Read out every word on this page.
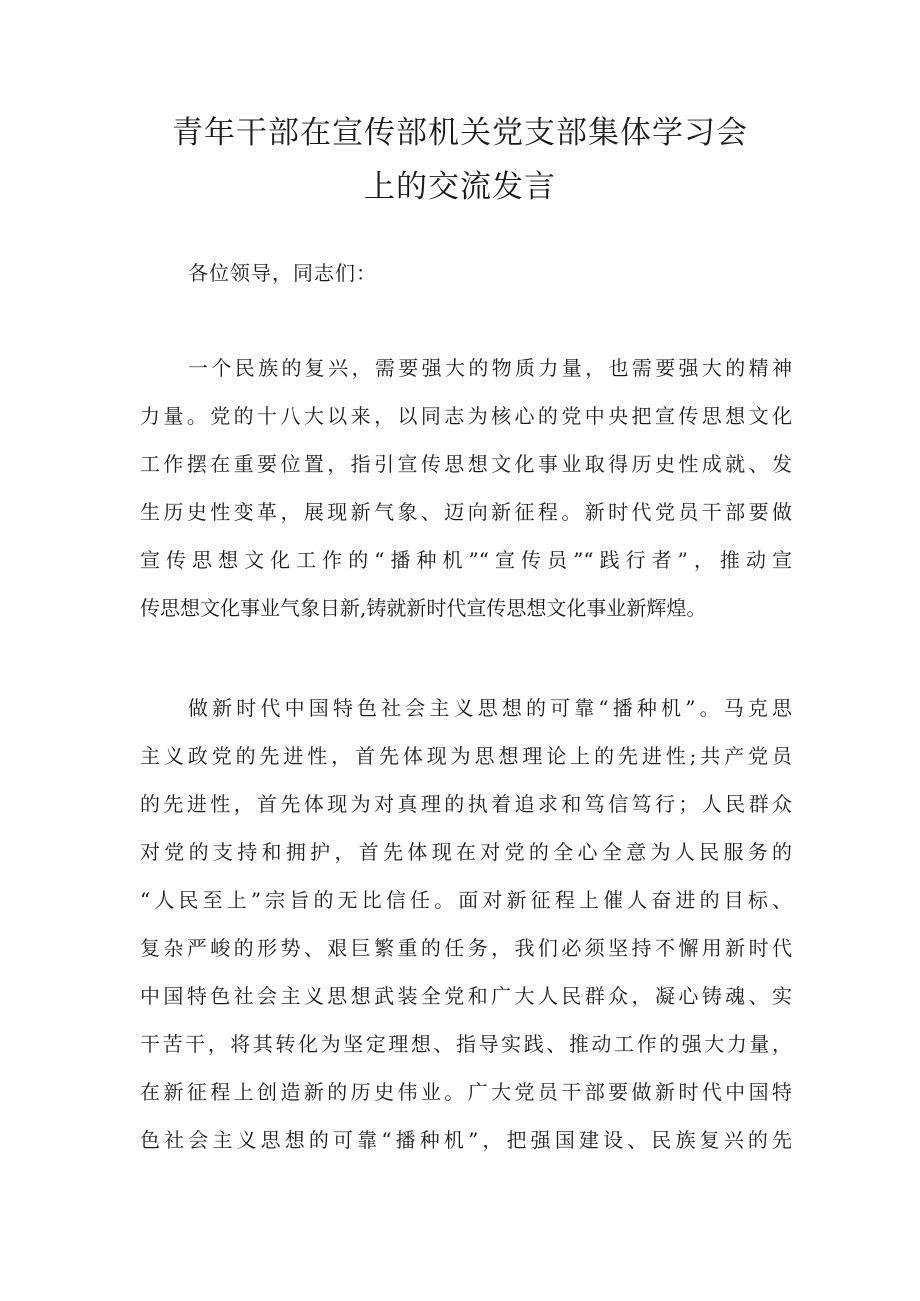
青年干部在宣传部机关党支部集体学习会
上的交流发言

各位领导，同志们：

一个民族的复兴，需要强大的物质力量，也需要强大的精神
力量。党的十八大以来，以同志为核心的党中央把宣传思想文化
工作摆在重要位置，指引宣传思想文化事业取得历史性成就、发
生历史性变革，展现新气象、迈向新征程。新时代党员干部要做
宣传思想文化工作的“播种机”“宣传员”“践行者”，推动宣
传思想文化事业气象日新,铸就新时代宣传思想文化事业新辉煌。

做新时代中国特色社会主义思想的可靠“播种机”。马克思
主义政党的先进性，首先体现为思想理论上的先进性;共产党员
的先进性，首先体现为对真理的执着追求和笃信笃行；人民群众
对党的支持和拥护，首先体现在对党的全心全意为人民服务的
“人民至上”宗旨的无比信任。面对新征程上催人奋进的目标、
复杂严峻的形势、艰巨繁重的任务，我们必须坚持不懈用新时代
中国特色社会主义思想武装全党和广大人民群众，凝心铸魂、实
干苦干，将其转化为坚定理想、指导实践、推动工作的强大力量，
在新征程上创造新的历史伟业。广大党员干部要做新时代中国特
色社会主义思想的可靠“播种机”，把强国建设、民族复兴的先
